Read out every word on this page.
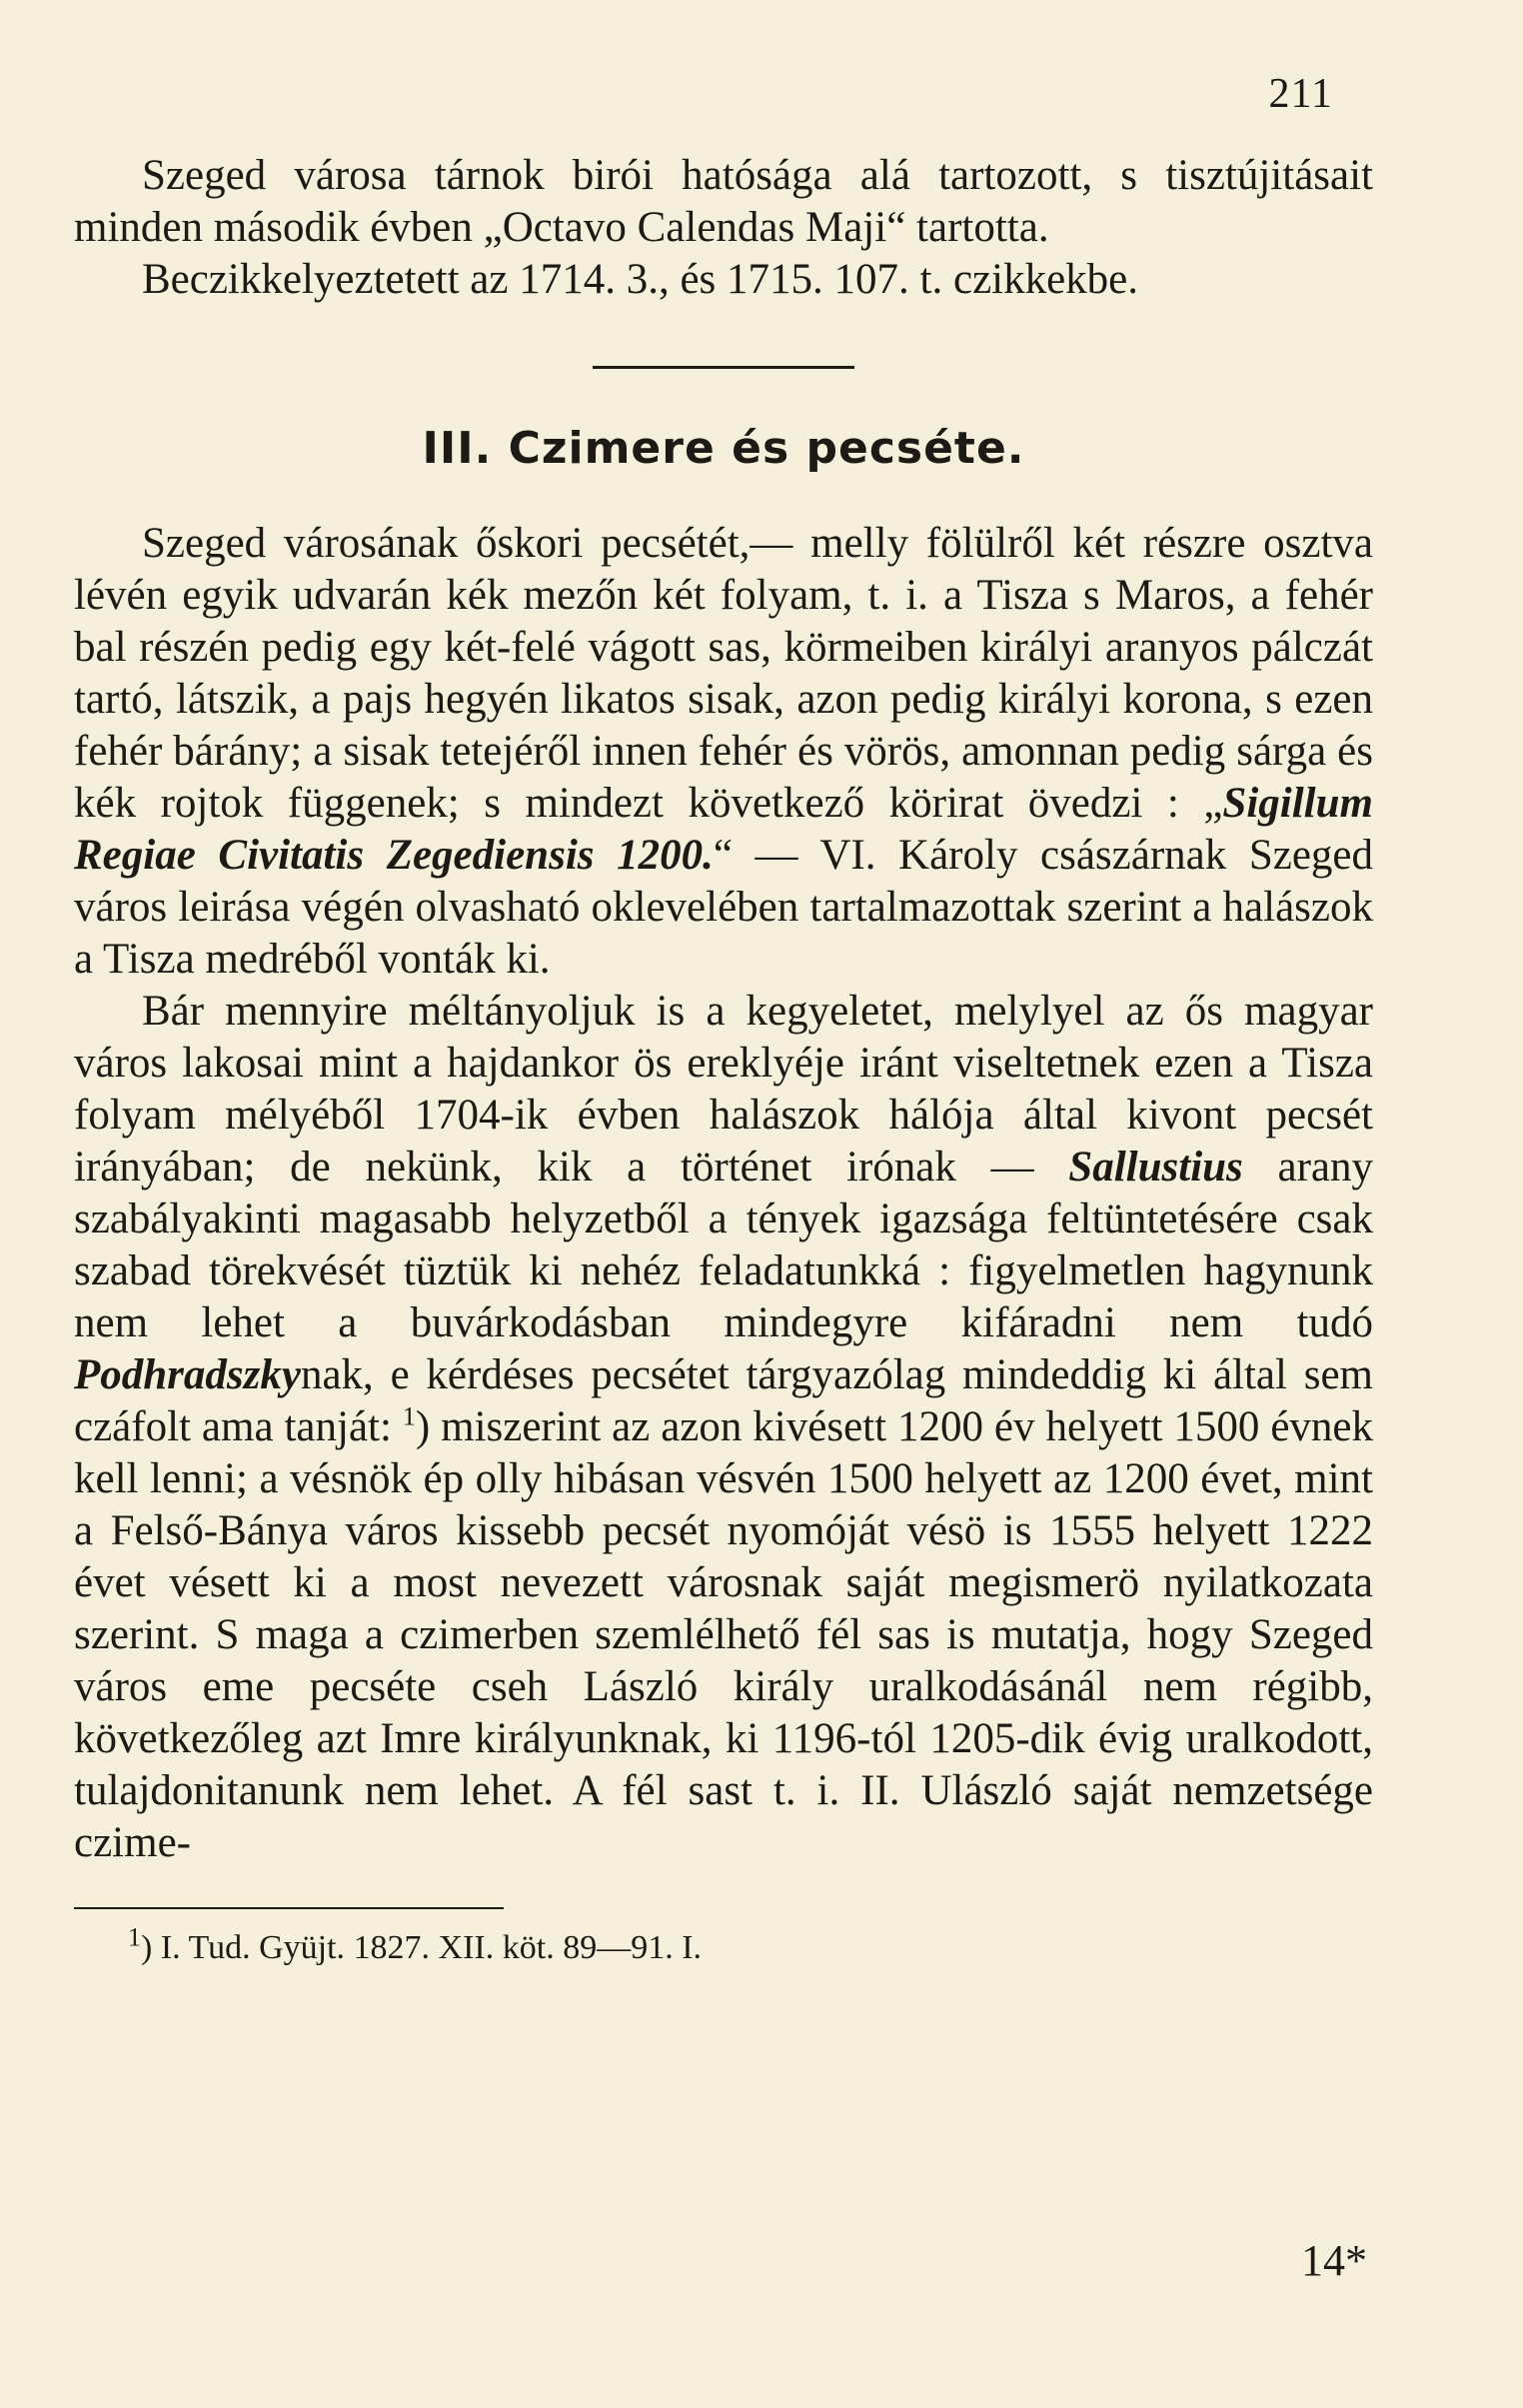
211

Szeged városa tárnok birói hatósága alá tartozott, s tisztújitásait minden második évben „Octavo Calendas Maji“ tartotta.

Beczikkelyeztetett az 1714. 3., és 1715. 107. t. czikkekbe.

III. Czimere és pecséte.

Szeged városának őskori pecsétét,— melly fölülről két részre osztva lévén egyik udvarán kék mezőn két folyam, t. i. a Tisza s Maros, a fehér bal részén pedig egy két-felé vágott sas, körmeiben királyi aranyos pálczát tartó, látszik, a pajs hegyén likatos sisak, azon pedig királyi korona, s ezen fehér bárány; a sisak tetejéről innen fehér és vörös, amonnan pedig sárga és kék rojtok függenek; s mindezt következő körirat övedzi : „Sigillum Regiae Civitatis Zegediensis 1200.“ — VI. Károly császárnak Szeged város leirása végén olvasható oklevelében tartalmazottak szerint a halászok a Tisza medréből vonták ki.

Bár mennyire méltányoljuk is a kegyeletet, melylyel az ős magyar város lakosai mint a hajdankor ös ereklyéje iránt viseltetnek ezen a Tisza folyam mélyéből 1704-ik évben halászok hálója által kivont pecsét irányában; de nekünk, kik a történet irónak — Sallustius arany szabályakinti magasabb helyzetből a tények igazsága feltüntetésére csak szabad törekvését tüztük ki nehéz feladatunkká : figyelmetlen hagynunk nem lehet a buvárkodásban mindegyre kifáradni nem tudó Podhradszkynak, e kérdéses pecsétet tárgyazólag mindeddig ki által sem czáfolt ama tanját: $^1$) miszerint az azon kivésett 1200 év helyett 1500 évnek kell lenni; a vésnök ép olly hibásan vésvén 1500 helyett az 1200 évet, mint a Felső-Bánya város kissebb pecsét nyomóját vésö is 1555 helyett 1222 évet vésett ki a most nevezett városnak saját megismerö nyilatkozata szerint. S maga a czimerben szemlélhető fél sas is mutatja, hogy Szeged város eme pecséte cseh László király uralkodásánál nem régibb, következőleg azt Imre királyunknak, ki 1196-tól 1205-dik évig uralkodott, tulajdonitanunk nem lehet. A fél sast t. i. II. Ulászló saját nemzetsége czime-

$^1$) I. Tud. Gyüjt. 1827. XII. köt. 89—91. I.
14*
